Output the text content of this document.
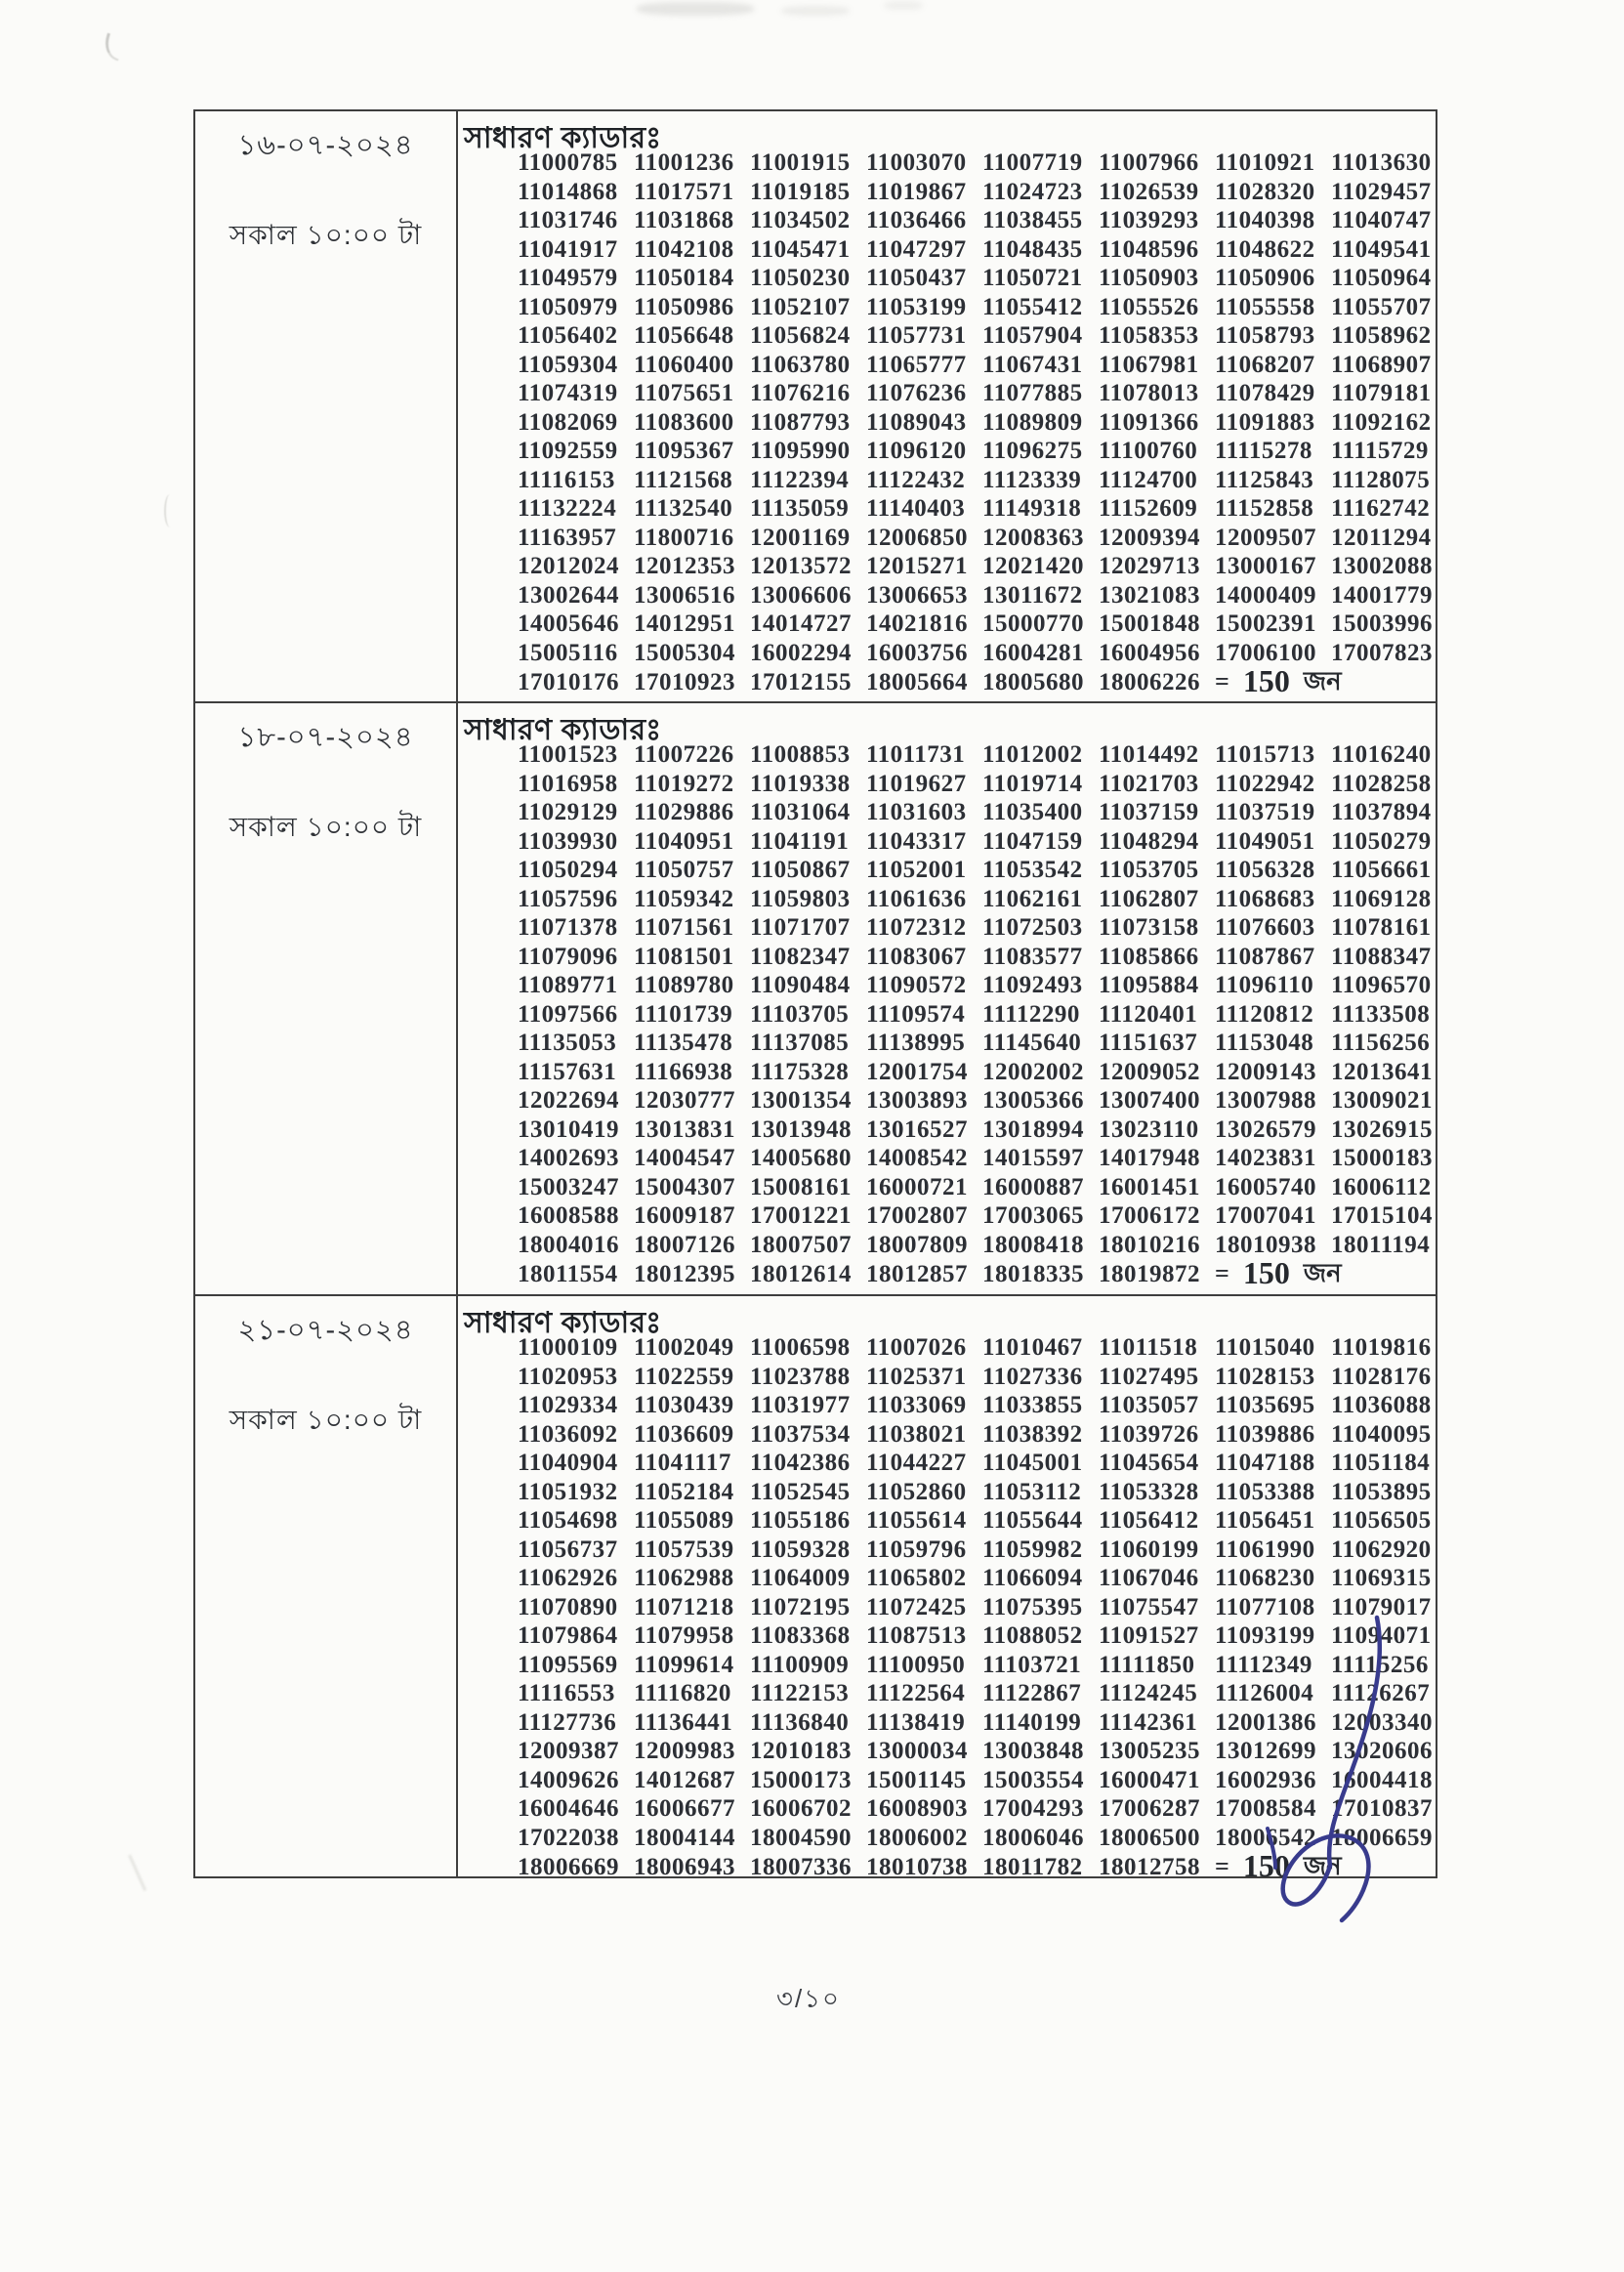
১৬-০৭-২০২৪
সকাল ১০:০০ টা
সাধারণ ক্যাডারঃ
11000785 11001236 11001915 11003070 11007719 11007966 11010921 11013630
11014868 11017571 11019185 11019867 11024723 11026539 11028320 11029457
11031746 11031868 11034502 11036466 11038455 11039293 11040398 11040747
11041917 11042108 11045471 11047297 11048435 11048596 11048622 11049541
11049579 11050184 11050230 11050437 11050721 11050903 11050906 11050964
11050979 11050986 11052107 11053199 11055412 11055526 11055558 11055707
11056402 11056648 11056824 11057731 11057904 11058353 11058793 11058962
11059304 11060400 11063780 11065777 11067431 11067981 11068207 11068907
11074319 11075651 11076216 11076236 11077885 11078013 11078429 11079181
11082069 11083600 11087793 11089043 11089809 11091366 11091883 11092162
11092559 11095367 11095990 11096120 11096275 11100760 11115278 11115729
11116153 11121568 11122394 11122432 11123339 11124700 11125843 11128075
11132224 11132540 11135059 11140403 11149318 11152609 11152858 11162742
11163957 11800716 12001169 12006850 12008363 12009394 12009507 12011294
12012024 12012353 12013572 12015271 12021420 12029713 13000167 13002088
13002644 13006516 13006606 13006653 13011672 13021083 14000409 14001779
14005646 14012951 14014727 14021816 15000770 15001848 15002391 15003996
15005116 15005304 16002294 16003756 16004281 16004956 17006100 17007823
17010176 17010923 17012155 18005664 18005680 18006226 = 150 জন
১৮-০৭-২০২৪
সকাল ১০:০০ টা
সাধারণ ক্যাডারঃ
11001523 11007226 11008853 11011731 11012002 11014492 11015713 11016240
11016958 11019272 11019338 11019627 11019714 11021703 11022942 11028258
11029129 11029886 11031064 11031603 11035400 11037159 11037519 11037894
11039930 11040951 11041191 11043317 11047159 11048294 11049051 11050279
11050294 11050757 11050867 11052001 11053542 11053705 11056328 11056661
11057596 11059342 11059803 11061636 11062161 11062807 11068683 11069128
11071378 11071561 11071707 11072312 11072503 11073158 11076603 11078161
11079096 11081501 11082347 11083067 11083577 11085866 11087867 11088347
11089771 11089780 11090484 11090572 11092493 11095884 11096110 11096570
11097566 11101739 11103705 11109574 11112290 11120401 11120812 11133508
11135053 11135478 11137085 11138995 11145640 11151637 11153048 11156256
11157631 11166938 11175328 12001754 12002002 12009052 12009143 12013641
12022694 12030777 13001354 13003893 13005366 13007400 13007988 13009021
13010419 13013831 13013948 13016527 13018994 13023110 13026579 13026915
14002693 14004547 14005680 14008542 14015597 14017948 14023831 15000183
15003247 15004307 15008161 16000721 16000887 16001451 16005740 16006112
16008588 16009187 17001221 17002807 17003065 17006172 17007041 17015104
18004016 18007126 18007507 18007809 18008418 18010216 18010938 18011194
18011554 18012395 18012614 18012857 18018335 18019872 = 150 জন
২১-০৭-২০২৪
সকাল ১০:০০ টা
সাধারণ ক্যাডারঃ
11000109 11002049 11006598 11007026 11010467 11011518 11015040 11019816
11020953 11022559 11023788 11025371 11027336 11027495 11028153 11028176
11029334 11030439 11031977 11033069 11033855 11035057 11035695 11036088
11036092 11036609 11037534 11038021 11038392 11039726 11039886 11040095
11040904 11041117 11042386 11044227 11045001 11045654 11047188 11051184
11051932 11052184 11052545 11052860 11053112 11053328 11053388 11053895
11054698 11055089 11055186 11055614 11055644 11056412 11056451 11056505
11056737 11057539 11059328 11059796 11059982 11060199 11061990 11062920
11062926 11062988 11064009 11065802 11066094 11067046 11068230 11069315
11070890 11071218 11072195 11072425 11075395 11075547 11077108 11079017
11079864 11079958 11083368 11087513 11088052 11091527 11093199 11094071
11095569 11099614 11100909 11100950 11103721 11111850 11112349 11115256
11116553 11116820 11122153 11122564 11122867 11124245 11126004 11126267
11127736 11136441 11136840 11138419 11140199 11142361 12001386 12003340
12009387 12009983 12010183 13000034 13003848 13005235 13012699 13020606
14009626 14012687 15000173 15001145 15003554 16000471 16002936 16004418
16004646 16006677 16006702 16008903 17004293 17006287 17008584 17010837
17022038 18004144 18004590 18006002 18006046 18006500 18006542 18006659
18006669 18006943 18007336 18010738 18011782 18012758 = 150 জন
৩/১০
